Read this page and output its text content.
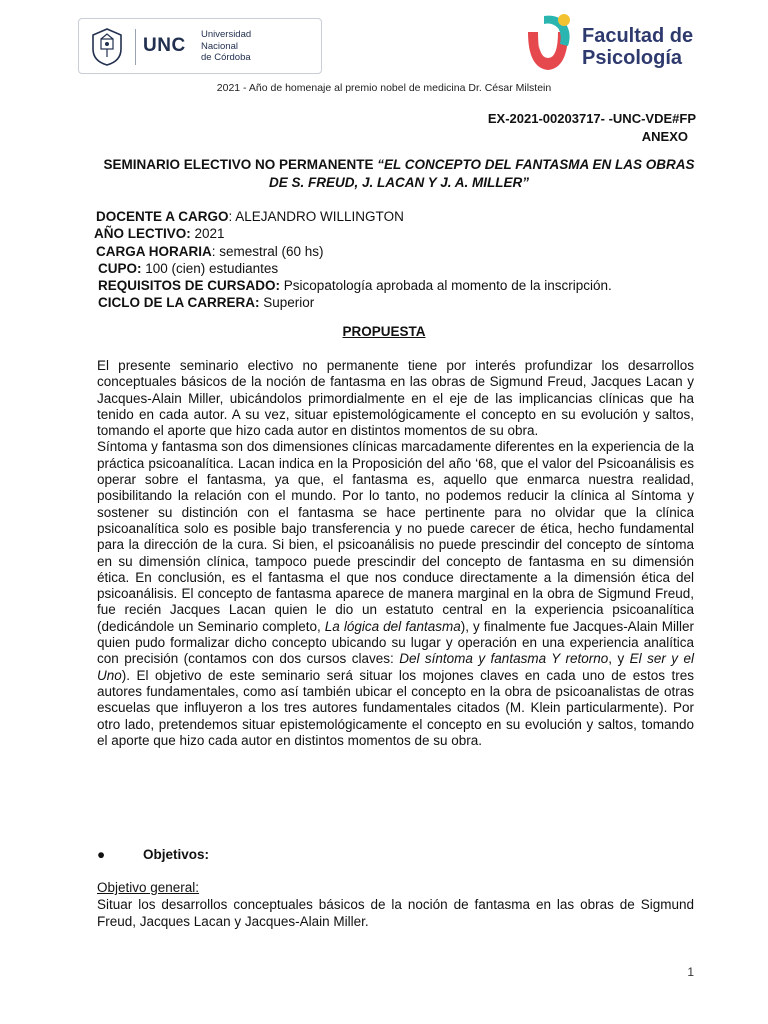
UNC
Universidad
Nacional
de Córdoba
Facultad de
Psicología
2021 - Año de homenaje al premio nobel de medicina Dr. César Milstein
EX-2021-00203717- -UNC-VDE#FP
ANEXO
SEMINARIO ELECTIVO NO PERMANENTE “EL CONCEPTO DEL FANTASMA EN LAS OBRAS DE S. FREUD, J. LACAN Y J. A. MILLER”
DOCENTE A CARGO: ALEJANDRO WILLINGTON
AÑO LECTIVO: 2021
CARGA HORARIA: semestral (60 hs)
CUPO: 100 (cien) estudiantes
REQUISITOS DE CURSADO: Psicopatología aprobada al momento de la inscripción.
CICLO DE LA CARRERA: Superior
PROPUESTA

El presente seminario electivo no permanente tiene por interés profundizar los desarrollos conceptuales básicos de la noción de fantasma en las obras de Sigmund Freud, Jacques Lacan y Jacques-Alain Miller, ubicándolos primordialmente en el eje de las implicancias clínicas que ha tenido en cada autor. A su vez, situar epistemológicamente el concepto en su evolución y saltos, tomando el aporte que hizo cada autor en distintos momentos de su obra.

Síntoma y fantasma son dos dimensiones clínicas marcadamente diferentes en la experiencia de la práctica psicoanalítica. Lacan indica en la Proposición del año ‘68, que el valor del Psicoanálisis es operar sobre el fantasma, ya que, el fantasma es, aquello que enmarca nuestra realidad, posibilitando la relación con el mundo. Por lo tanto, no podemos reducir la clínica al Síntoma y sostener su distinción con el fantasma se hace pertinente para no olvidar que la clínica psicoanalítica solo es posible bajo transferencia y no puede carecer de ética, hecho fundamental para la dirección de la cura. Si bien, el psicoanálisis no puede prescindir del concepto de síntoma en su dimensión clínica, tampoco puede prescindir del concepto de fantasma en su dimensión ética. En conclusión, es el fantasma el que nos conduce directamente a la dimensión ética del psicoanálisis. El concepto de fantasma aparece de manera marginal en la obra de Sigmund Freud, fue recién Jacques Lacan quien le dio un estatuto central en la experiencia psicoanalítica (dedicándole un Seminario completo, La lógica del fantasma), y finalmente fue Jacques-Alain Miller quien pudo formalizar dicho concepto ubicando su lugar y operación en una experiencia analítica con precisión (contamos con dos cursos claves: Del síntoma y fantasma Y retorno, y El ser y el Uno). El objetivo de este seminario será situar los mojones claves en cada uno de estos tres autores fundamentales, como así también ubicar el concepto en la obra de psicoanalistas de otras escuelas que influyeron a los tres autores fundamentales citados (M. Klein particularmente). Por otro lado, pretendemos situar epistemológicamente el concepto en su evolución y saltos, tomando el aporte que hizo cada autor en distintos momentos de su obra.

●	Objetivos:
Objetivo general:
Situar los desarrollos conceptuales básicos de la noción de fantasma en las obras de Sigmund Freud, Jacques Lacan y Jacques-Alain Miller.
1
